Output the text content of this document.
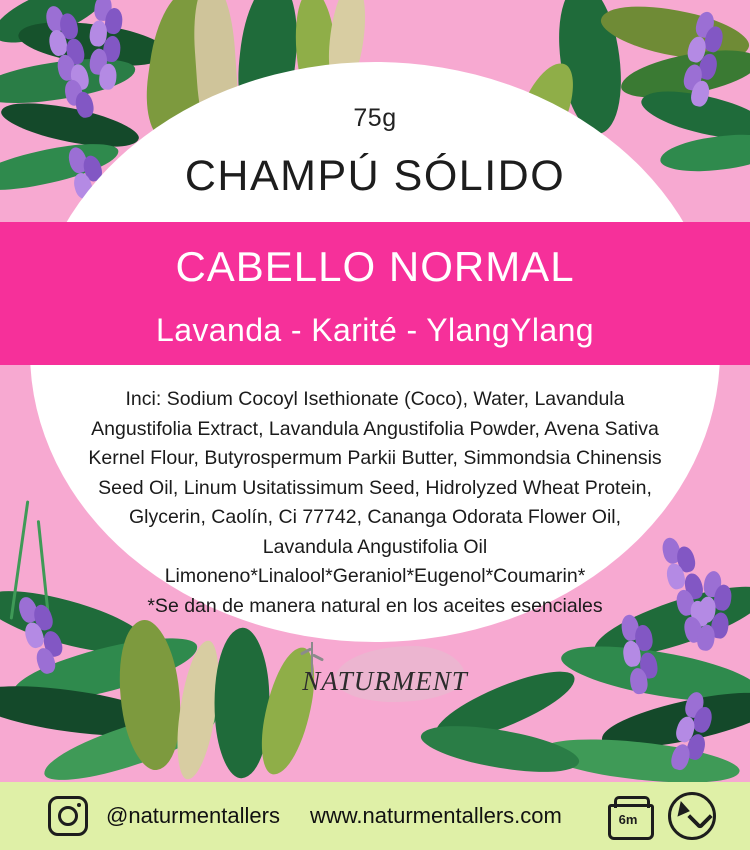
75g
CHAMPÚ SÓLIDO
CABELLO NORMAL
Lavanda - Karité - YlangYlang
Inci: Sodium Cocoyl Isethionate (Coco), Water, Lavandula
Angustifolia Extract, Lavandula Angustifolia Powder, Avena Sativa
Kernel Flour, Butyrospermum Parkii Butter, Simmondsia Chinensis
Seed Oil, Linum Usitatissimum Seed, Hidrolyzed Wheat Protein,
Glycerin, Caolín, Ci 77742, Cananga Odorata Flower Oil,
Lavandula Angustifolia Oil
Limoneno*Linalool*Geraniol*Eugenol*Coumarin*
*Se dan de manera natural en los aceites esenciales
NATURMENT
@naturmentallers www.naturmentallers.com	6m
